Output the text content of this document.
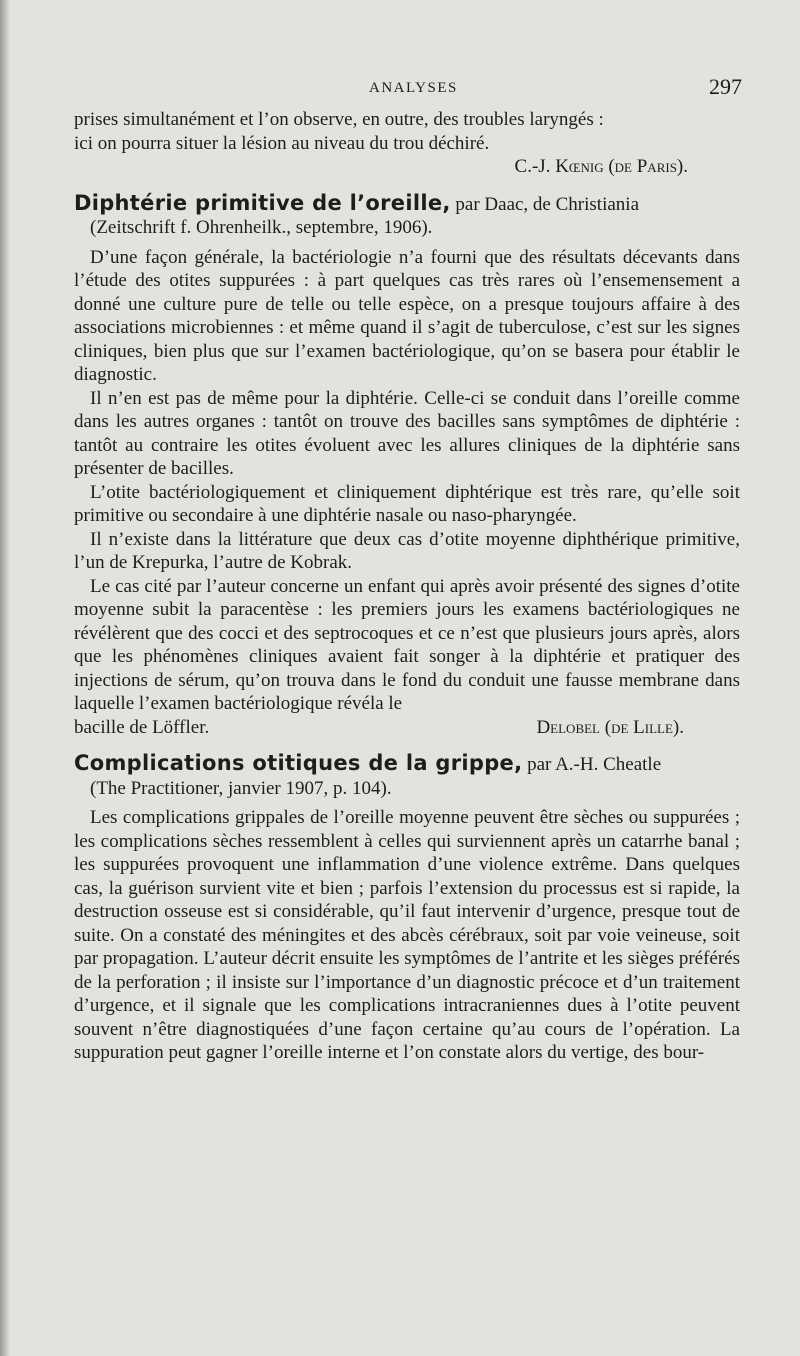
ANALYSES	297

prises simultanément et l’on observe, en outre, des troubles laryngés :

ici on pourra situer la lésion au niveau du trou déchiré.

C.-J. Kœnig (de Paris).

Diphtérie primitive de l’oreille, par Daac, de Christiania

(Zeitschrift f. Ohrenheilk., septembre, 1906).

D’une façon générale, la bactériologie n’a fourni que des résultats décevants dans l’étude des otites suppurées : à part quelques cas très rares où l’ensemensement a donné une culture pure de telle ou telle espèce, on a presque toujours affaire à des associations microbiennes : et même quand il s’agit de tuberculose, c’est sur les signes cliniques, bien plus que sur l’examen bactériologique, qu’on se basera pour établir le diagnostic.

Il n’en est pas de même pour la diphtérie. Celle-ci se conduit dans l’oreille comme dans les autres organes : tantôt on trouve des bacilles sans symptômes de diphtérie : tantôt au contraire les otites évoluent avec les allures cliniques de la diphtérie sans présenter de bacilles.

L’otite bactériologiquement et cliniquement diphtérique est très rare, qu’elle soit primitive ou secondaire à une diphtérie nasale ou naso-pharyngée.

Il n’existe dans la littérature que deux cas d’otite moyenne diphthérique primitive, l’un de Krepurka, l’autre de Kobrak.

Le cas cité par l’auteur concerne un enfant qui après avoir présenté des signes d’otite moyenne subit la paracentèse : les premiers jours les examens bactériologiques ne révélèrent que des cocci et des septrocoques et ce n’est que plusieurs jours après, alors que les phénomènes cliniques avaient fait songer à la diphtérie et pratiquer des injections de sérum, qu’on trouva dans le fond du conduit une fausse membrane dans laquelle l’examen bactériologique révéla le

bacille de Löffler.	Delobel (de Lille).

Complications otitiques de la grippe, par A.-H. Cheatle

(The Practitioner, janvier 1907, p. 104).

Les complications grippales de l’oreille moyenne peuvent être sèches ou suppurées ; les complications sèches ressemblent à celles qui surviennent après un catarrhe banal ; les suppurées provoquent une inflammation d’une violence extrême. Dans quelques cas, la guérison survient vite et bien ; parfois l’extension du processus est si rapide, la destruction osseuse est si considérable, qu’il faut intervenir d’urgence, presque tout de suite. On a constaté des méningites et des abcès cérébraux, soit par voie veineuse, soit par propagation. L’auteur décrit ensuite les symptômes de l’antrite et les sièges préférés de la perforation ; il insiste sur l’importance d’un diagnostic précoce et d’un traitement d’urgence, et il signale que les complications intracraniennes dues à l’otite peuvent souvent n’être diagnostiquées d’une façon certaine qu’au cours de l’opération. La suppuration peut gagner l’oreille interne et l’on constate alors du vertige, des bour-
